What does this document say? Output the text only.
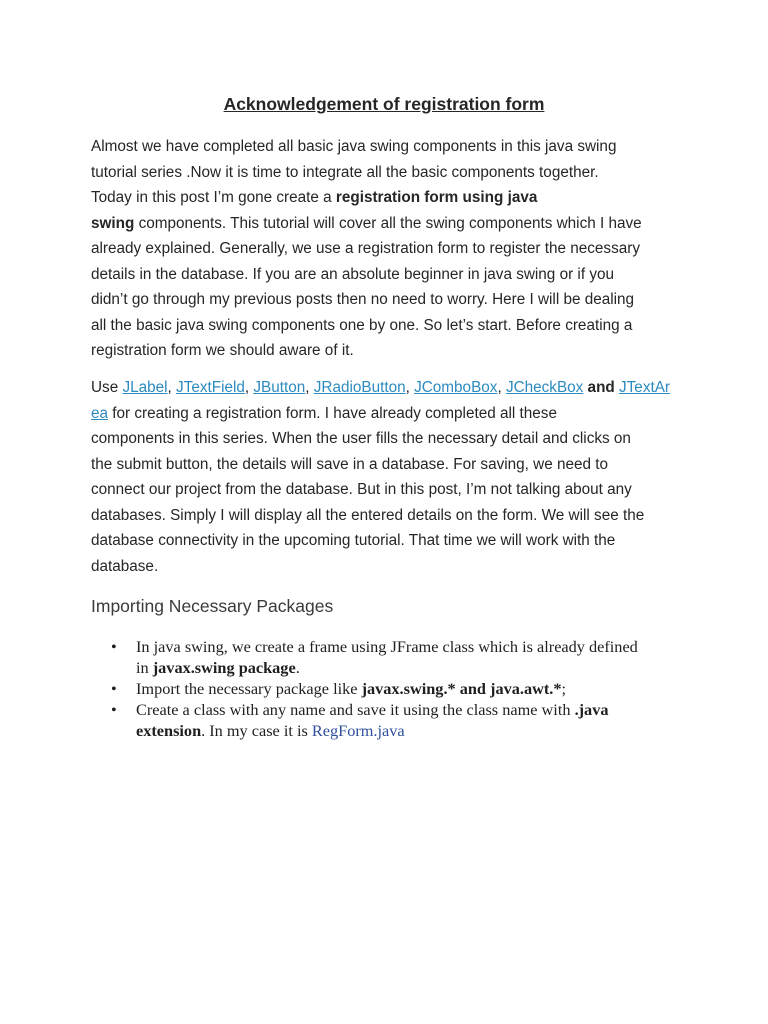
Acknowledgement of registration form

Almost we have completed all basic java swing components in this java swing
tutorial series .Now it is time to integrate all the basic components together.
Today in this post I’m gone create a registration form using java
swing components. This tutorial will cover all the swing components which I have
already explained. Generally, we use a registration form to register the necessary
details in the database. If you are an absolute beginner in java swing or if you
didn’t go through my previous posts then no need to worry. Here I will be dealing
all the basic java swing components one by one. So let’s start. Before creating a
registration form we should aware of it.

Use JLabel, JTextField, JButton, JRadioButton, JComboBox, JCheckBox and JTextAr
ea for creating a registration form. I have already completed all these
components in this series. When the user fills the necessary detail and clicks on
the submit button, the details will save in a database. For saving, we need to
connect our project from the database. But in this post, I’m not talking about any
databases. Simply I will display all the entered details on the form. We will see the
database connectivity in the upcoming tutorial. That time we will work with the
database.

Importing Necessary Packages
• In java swing, we create a frame using JFrame class which is already defined
in javax.swing package.
• Import the necessary package like javax.swing.* and java.awt.*;
• Create a class with any name and save it using the class name with .java
extension. In my case it is RegForm.java
